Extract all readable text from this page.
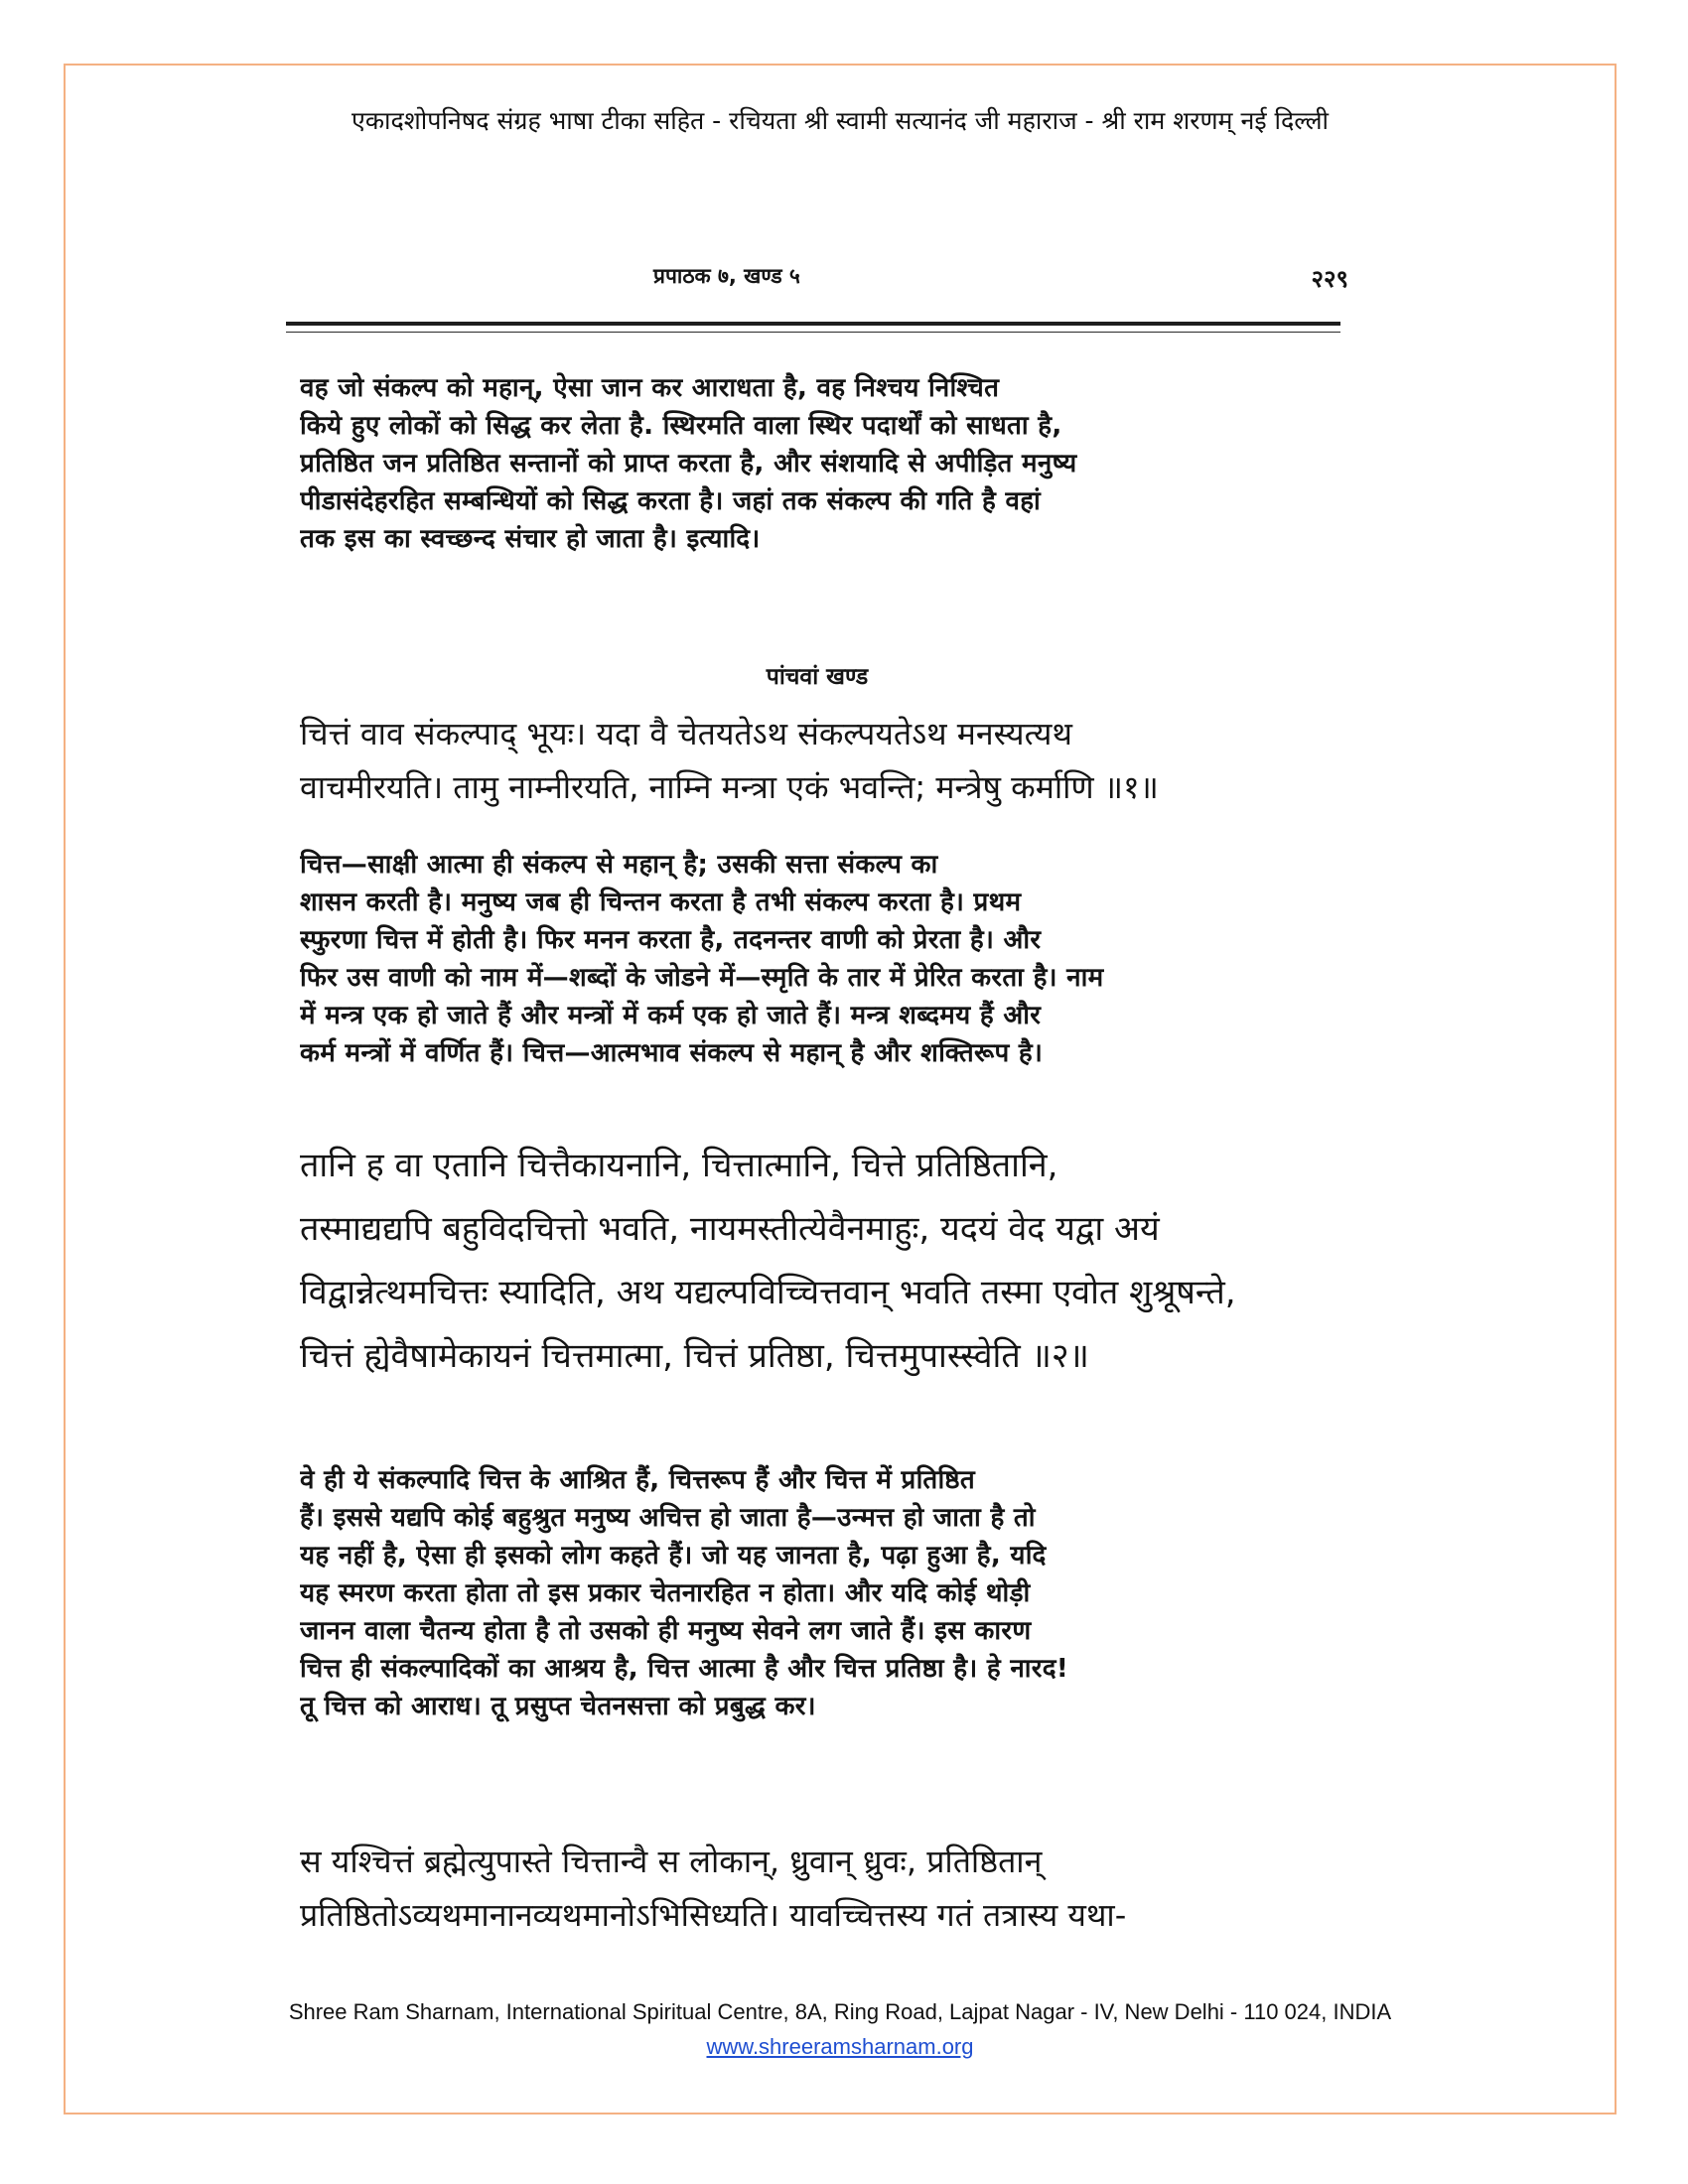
एकादशोपनिषद संग्रह भाषा टीका सहित - रचियता श्री स्वामी सत्यानंद जी महाराज - श्री राम शरणम् नई दिल्ली
प्रपाठक ७, खण्ड ५	२२९
वह जो संकल्प को महान्, ऐसा जान कर आराधता है, वह निश्चय निश्चित
किये हुए लोकों को सिद्ध कर लेता है. स्थिरमति वाला स्थिर पदार्थों को साधता है,
प्रतिष्ठित जन प्रतिष्ठित सन्तानों को प्राप्त करता है, और संशयादि से अपीड़ित मनुष्य
पीडासंदेहरहित सम्बन्धियों को सिद्ध करता है। जहां तक संकल्प की गति है वहां
तक इस का स्वच्छन्द संचार हो जाता है। इत्यादि।
पांचवां खण्ड
चित्तं वाव संकल्पाद् भूयः। यदा वै चेतयतेऽथ संकल्पयतेऽथ मनस्यत्यथ
वाचमीरयति। तामु नाम्नीरयति, नाम्नि मन्त्रा एकं भवन्ति; मन्त्रेषु कर्माणि ॥१॥
चित्त—साक्षी आत्मा ही संकल्प से महान् है; उसकी सत्ता संकल्प का
शासन करती है। मनुष्य जब ही चिन्तन करता है तभी संकल्प करता है। प्रथम
स्फुरणा चित्त में होती है। फिर मनन करता है, तदनन्तर वाणी को प्रेरता है। और
फिर उस वाणी को नाम में—शब्दों के जोडने में—स्मृति के तार में प्रेरित करता है। नाम
में मन्त्र एक हो जाते हैं और मन्त्रों में कर्म एक हो जाते हैं। मन्त्र शब्दमय हैं और
कर्म मन्त्रों में वर्णित हैं। चित्त—आत्मभाव संकल्प से महान् है और शक्तिरूप है।
तानि ह वा एतानि चित्तैकायनानि, चित्तात्मानि, चित्ते प्रतिष्ठितानि,
तस्माद्यद्यपि बहुविदचित्तो भवति, नायमस्तीत्येवैनमाहुः, यदयं वेद यद्वा अयं
विद्वान्नेत्थमचित्तः स्यादिति, अथ यद्यल्पविच्चित्तवान् भवति तस्मा एवोत शुश्रूषन्ते,
चित्तं ह्येवैषामेकायनं चित्तमात्मा, चित्तं प्रतिष्ठा, चित्तमुपास्स्वेति ॥२॥
वे ही ये संकल्पादि चित्त के आश्रित हैं, चित्तरूप हैं और चित्त में प्रतिष्ठित
हैं। इससे यद्यपि कोई बहुश्रुत मनुष्य अचित्त हो जाता है—उन्मत्त हो जाता है तो
यह नहीं है, ऐसा ही इसको लोग कहते हैं। जो यह जानता है, पढ़ा हुआ है, यदि
यह स्मरण करता होता तो इस प्रकार चेतनारहित न होता। और यदि कोई थोड़ी
जानन वाला चैतन्य होता है तो उसको ही मनुष्य सेवने लग जाते हैं। इस कारण
चित्त ही संकल्पादिकों का आश्रय है, चित्त आत्मा है और चित्त प्रतिष्ठा है। हे नारद!
तू चित्त को आराध। तू प्रसुप्त चेतनसत्ता को प्रबुद्ध कर।
स यश्चित्तं ब्रह्मेत्युपास्ते चित्तान्वै स लोकान्, ध्रुवान् ध्रुवः, प्रतिष्ठितान्
प्रतिष्ठितोऽव्यथमानानव्यथमानोऽभिसिध्यति। यावच्चित्तस्य गतं तत्रास्य यथा-
Shree Ram Sharnam, International Spiritual Centre, 8A, Ring Road, Lajpat Nagar - IV, New Delhi - 110 024, INDIA
www.shreeramsharnam.org
